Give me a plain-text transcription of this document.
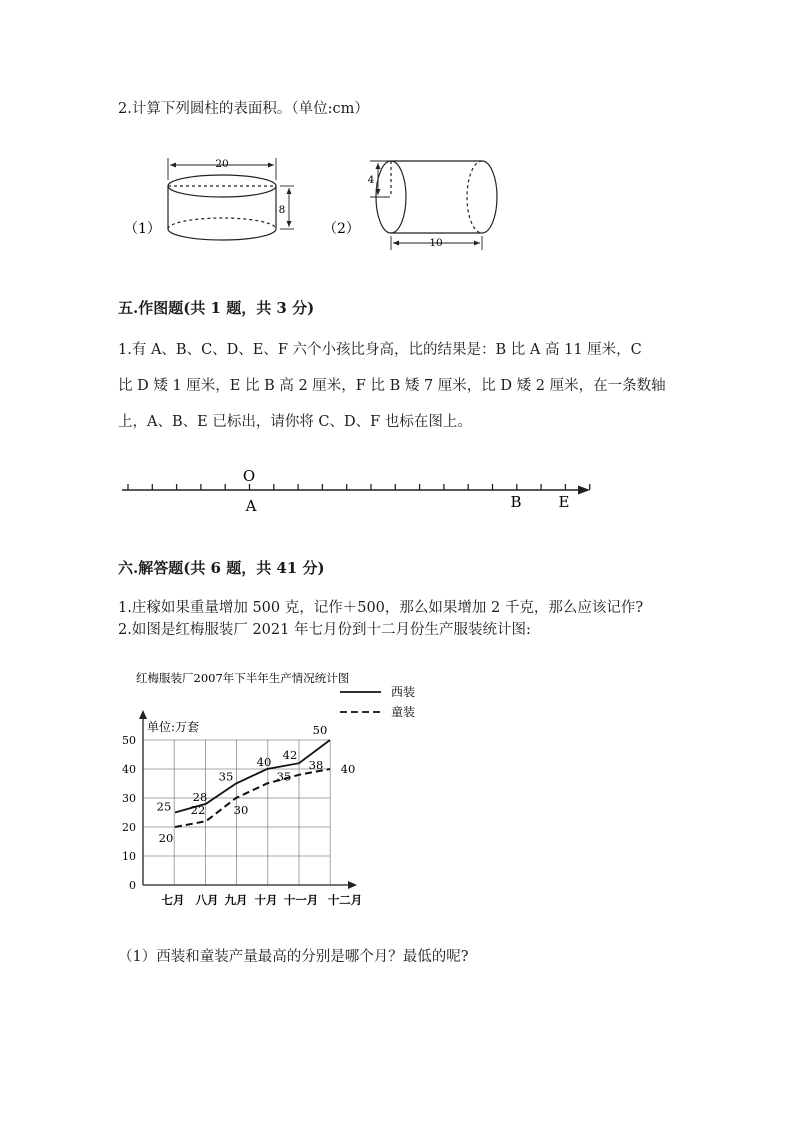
2.计算下列圆柱的表面积。（单位:cm）
20
8
（1）
4
10
（2）
五.作图题(共 1 题，共 3 分)
1.有 A、B、C、D、E、F 六个小孩比身高，比的结果是：B 比 A 高 11 厘米，C
比 D 矮 1 厘米，E 比 B 高 2 厘米，F 比 B 矮 7 厘米，比 D 矮 2 厘米，在一条数轴
上，A、B、E 已标出，请你将 C、D、F 也标在图上。
O
A	B E
六.解答题(共 6 题，共 41 分)
1.庄稼如果重量增加 500 克，记作＋500，那么如果增加 2 千克，那么应该记作?
2.如图是红梅服装厂 2021 年七月份到十二月份生产服装统计图:
红梅服装厂2007年下半年生产情况统计图
单位:万套
0
10
20
30
40
50
七月 八月 九月 十月 十一月 十二月
25
28
35
40 42
50
20
22 30
35
38 40
西装
童装
（1）西装和童装产量最高的分别是哪个月？最低的呢?
